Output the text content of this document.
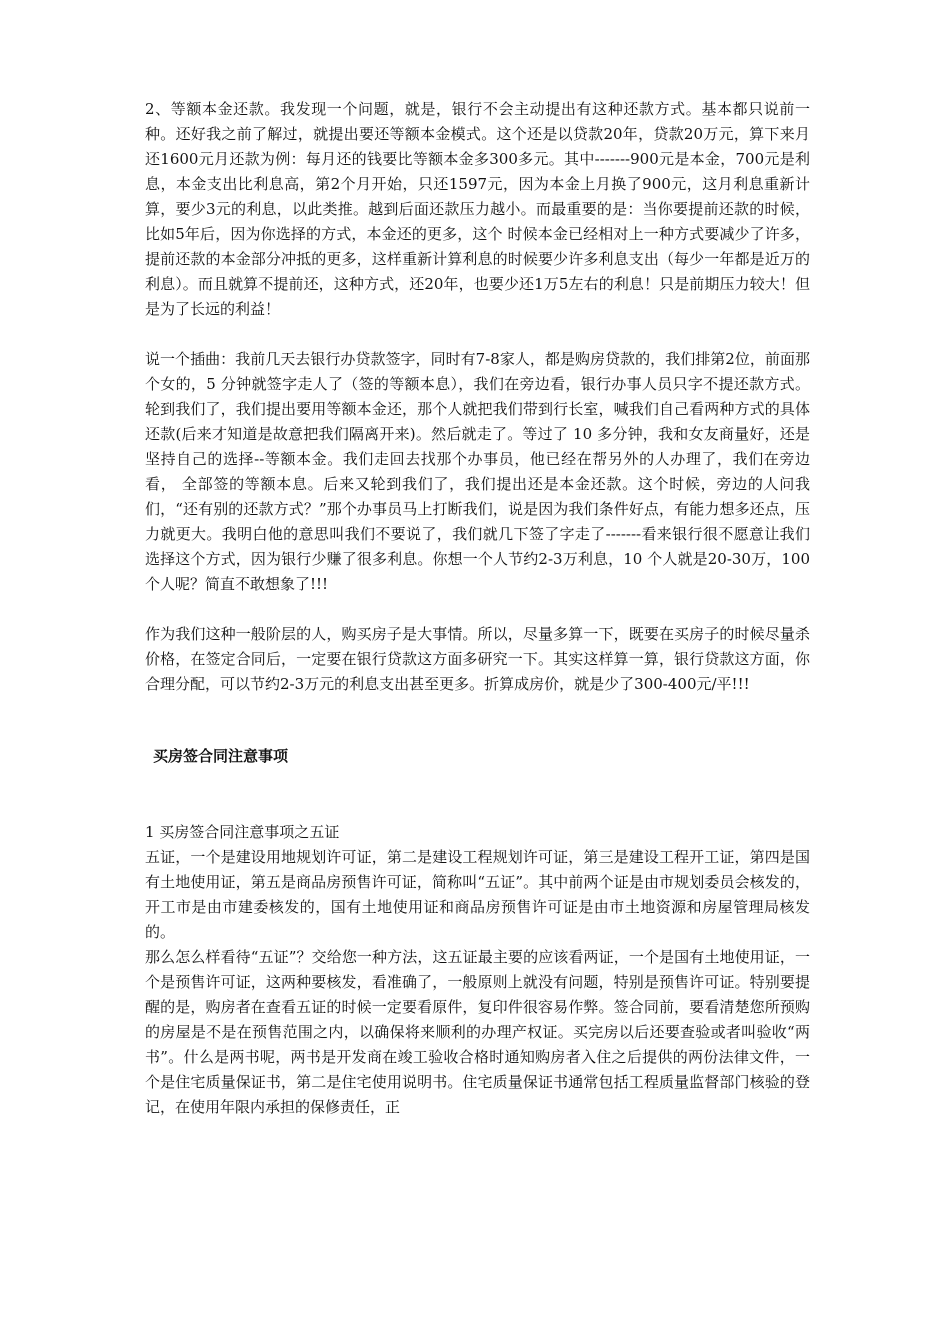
2、等额本金还款。我发现一个问题，就是，银行不会主动提出有这种还款方式。基本都只说前一种。还好我之前了解过，就提出要还等额本金模式。这个还是以贷款20年，贷款20万元，算下来月还1600元月还款为例：每月还的钱要比等额本金多300多元。其中-------900元是本金，700元是利息，本金支出比利息高，第2个月开始，只还1597元，因为本金上月换了900元，这月利息重新计算，要少3元的利息，以此类推。越到后面还款压力越小。而最重要的是：当你要提前还款的时候，比如5年后，因为你选择的方式，本金还的更多，这个 时候本金已经相对上一种方式要减少了许多，提前还款的本金部分冲抵的更多，这样重新计算利息的时候要少许多利息支出（每少一年都是近万的利息）。而且就算不提前还，这种方式，还20年，也要少还1万5左右的利息！只是前期压力较大！但是为了长远的利益！

说一个插曲：我前几天去银行办贷款签字，同时有7-8家人，都是购房贷款的，我们排第2位，前面那个女的，5 分钟就签字走人了（签的等额本息），我们在旁边看，银行办事人员只字不提还款方式。轮到我们了，我们提出要用等额本金还，那个人就把我们带到行长室，喊我们自己看两种方式的具体还款(后来才知道是故意把我们隔离开来)。然后就走了。等过了 10 多分钟，我和女友商量好，还是坚持自己的选择--等额本金。我们走回去找那个办事员，他已经在帮另外的人办理了，我们在旁边看， 全部签的等额本息。后来又轮到我们了，我们提出还是本金还款。这个时候，旁边的人问我们，“还有别的还款方式？”那个办事员马上打断我们，说是因为我们条件好点，有能力想多还点，压力就更大。我明白他的意思叫我们不要说了，我们就几下签了字走了-------看来银行很不愿意让我们选择这个方式，因为银行少赚了很多利息。你想一个人节约2-3万利息，10 个人就是20-30万，100个人呢？简直不敢想象了!!!

作为我们这种一般阶层的人，购买房子是大事情。所以，尽量多算一下，既要在买房子的时候尽量杀价格，在签定合同后，一定要在银行贷款这方面多研究一下。其实这样算一算，银行贷款这方面，你合理分配，可以节约2-3万元的利息支出甚至更多。折算成房价，就是少了300-400元/平!!!

买房签合同注意事项

1 买房签合同注意事项之五证

五证，一个是建设用地规划许可证，第二是建设工程规划许可证，第三是建设工程开工证，第四是国有土地使用证，第五是商品房预售许可证，简称叫“五证”。其中前两个证是由市规划委员会核发的，开工市是由市建委核发的，国有土地使用证和商品房预售许可证是由市土地资源和房屋管理局核发的。

那么怎么样看待“五证”？交给您一种方法，这五证最主要的应该看两证，一个是国有土地使用证，一个是预售许可证，这两种要核发，看准确了，一般原则上就没有问题，特别是预售许可证。特别要提醒的是，购房者在查看五证的时候一定要看原件，复印件很容易作弊。签合同前，要看清楚您所预购的房屋是不是在预售范围之内，以确保将来顺利的办理产权证。买完房以后还要查验或者叫验收“两书”。什么是两书呢，两书是开发商在竣工验收合格时通知购房者入住之后提供的两份法律文件，一个是住宅质量保证书，第二是住宅使用说明书。住宅质量保证书通常包括工程质量监督部门核验的登记，在使用年限内承担的保修责任，正
